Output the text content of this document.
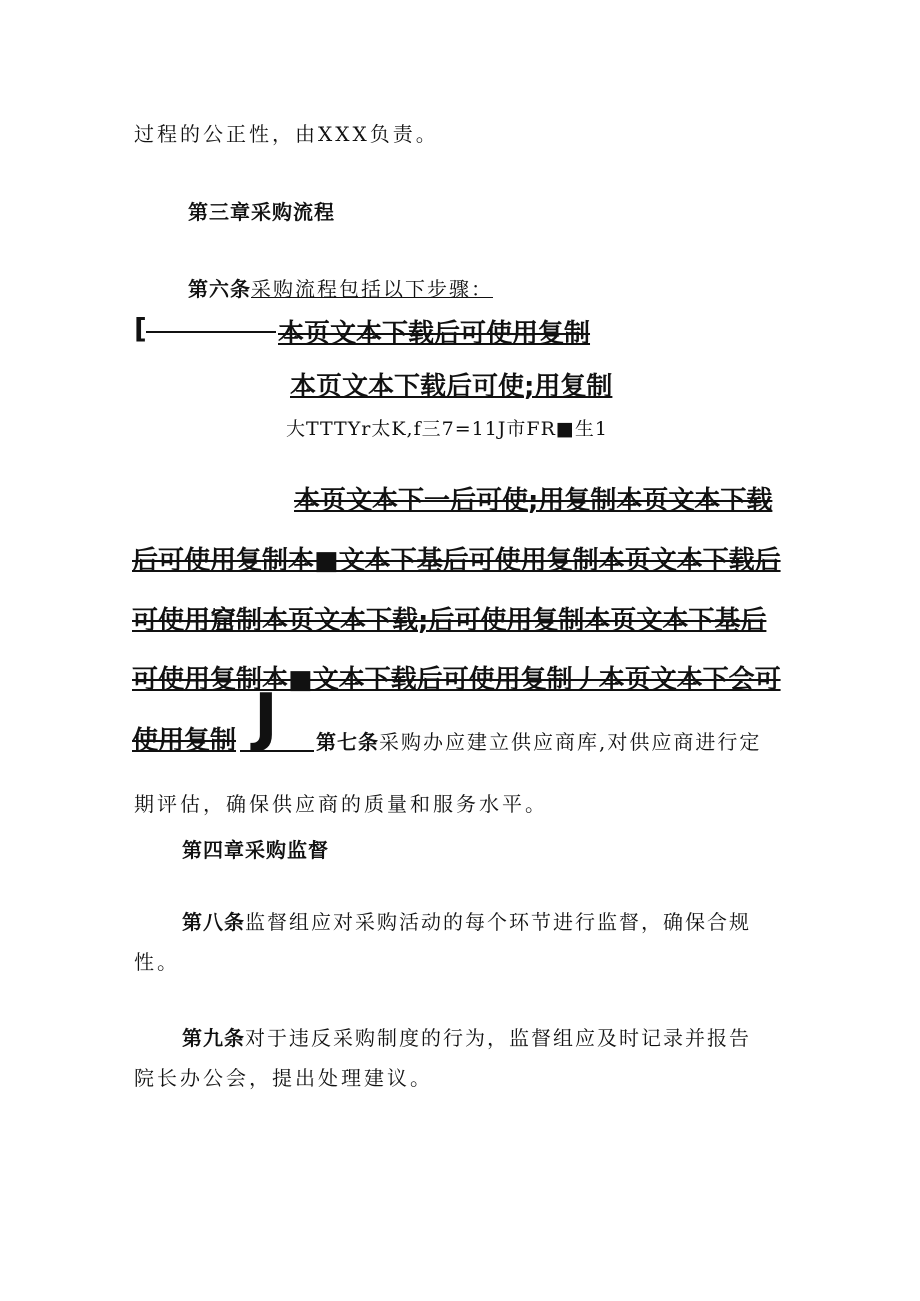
过程的公正性，由XXX负责。
第三章采购流程
第六条采购流程包括以下步骤：
[	本页文本下载后可使用复制
本页文本下载后可使;用复制
大TTTYr太K,f三7=11J市FR■生1
本页文本下一后可使;用复制本页文本下载
后可使用复制本■文本下基后可使用复制本页文本下载后
可使用窟制本页文本下载;后可使用复制本页文本下基后
可使用复制本■文本下载后可使用复制丿本页文本下会可
使用复制 J 第七条采购办应建立供应商库,对供应商进行定
期评估，确保供应商的质量和服务水平。
第四章采购监督
第八条监督组应对采购活动的每个环节进行监督，确保合规
性。
第九条对于违反采购制度的行为，监督组应及时记录并报告
院长办公会，提出处理建议。
